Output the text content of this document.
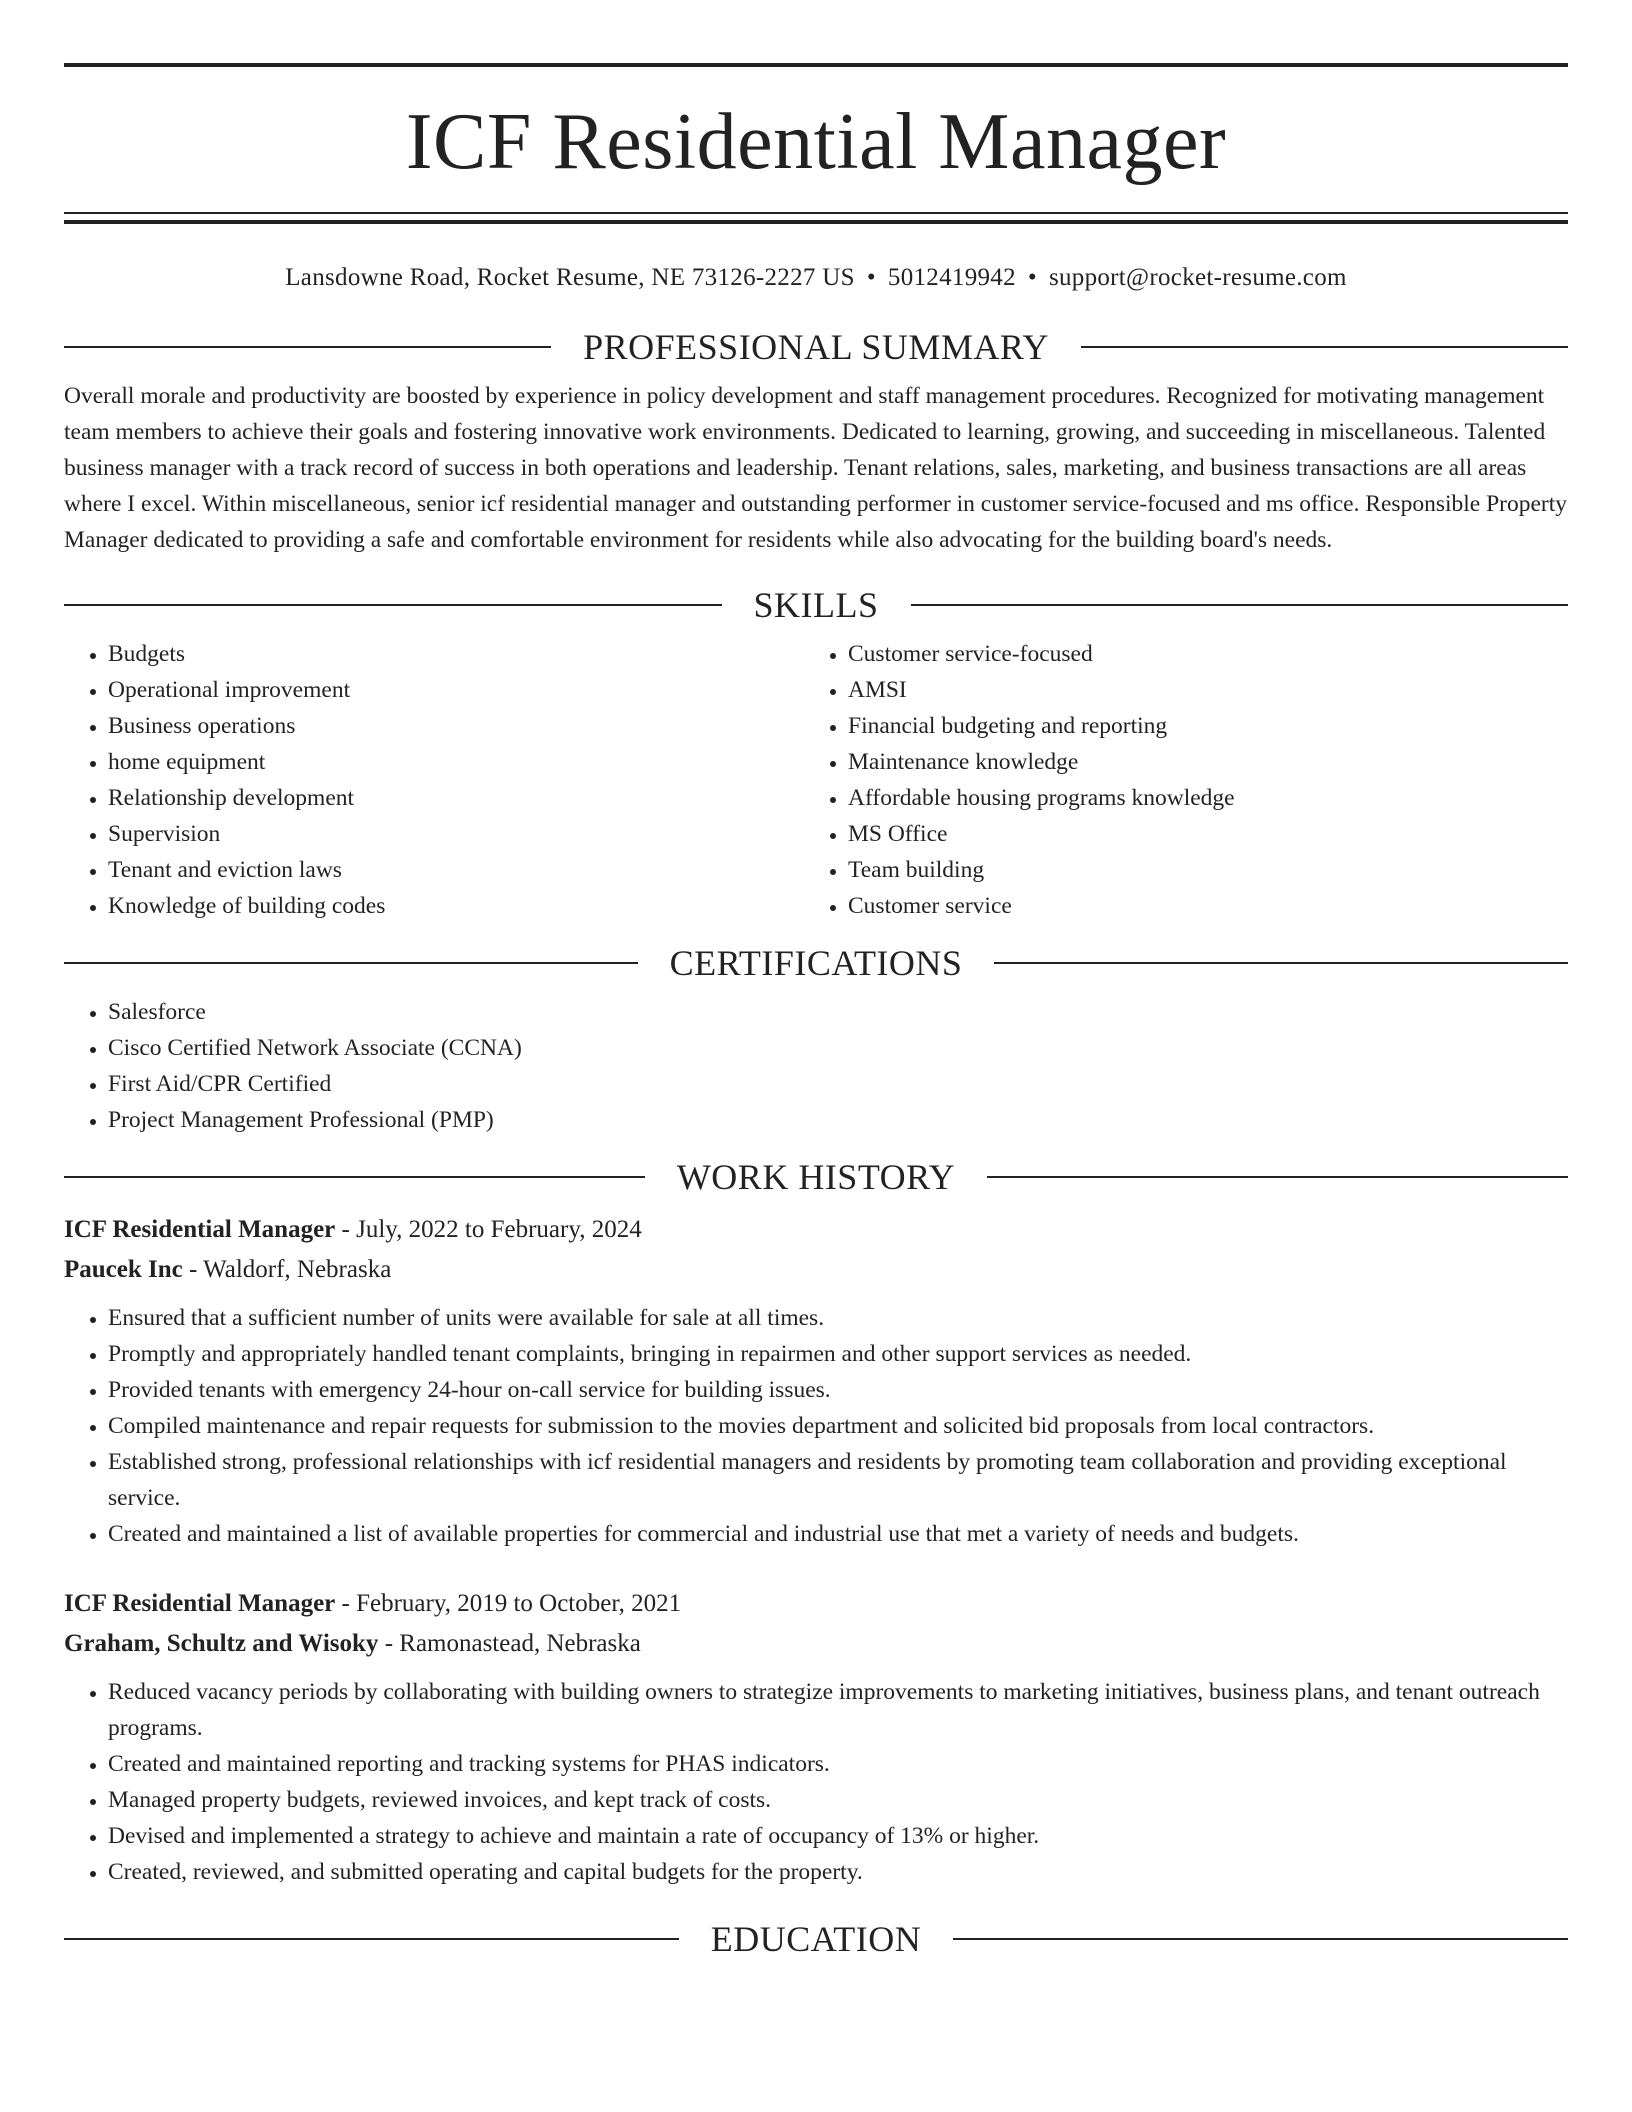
ICF Residential Manager
Lansdowne Road, Rocket Resume, NE 73126-2227 US • 5012419942 • support@rocket-resume.com
PROFESSIONAL SUMMARY

Overall morale and productivity are boosted by experience in policy development and staff management procedures. Recognized for motivating management team members to achieve their goals and fostering innovative work environments. Dedicated to learning, growing, and succeeding in miscellaneous. Talented business manager with a track record of success in both operations and leadership. Tenant relations, sales, marketing, and business transactions are all areas where I excel. Within miscellaneous, senior icf residential manager and outstanding performer in customer service-focused and ms office. Responsible Property Manager dedicated to providing a safe and comfortable environment for residents while also advocating for the building board's needs.

SKILLS
• Budgets
• Operational improvement
• Business operations
• home equipment
• Relationship development
• Supervision
• Tenant and eviction laws
• Knowledge of building codes
• Customer service-focused
• AMSI
• Financial budgeting and reporting
• Maintenance knowledge
• Affordable housing programs knowledge
• MS Office
• Team building
• Customer service
CERTIFICATIONS
• Salesforce
• Cisco Certified Network Associate (CCNA)
• First Aid/CPR Certified
• Project Management Professional (PMP)
WORK HISTORY
ICF Residential Manager - July, 2022 to February, 2024
Paucek Inc - Waldorf, Nebraska
• Ensured that a sufficient number of units were available for sale at all times.
• Promptly and appropriately handled tenant complaints, bringing in repairmen and other support services as needed.
• Provided tenants with emergency 24-hour on-call service for building issues.
• Compiled maintenance and repair requests for submission to the movies department and solicited bid proposals from local contractors.
• Established strong, professional relationships with icf residential managers and residents by promoting team collaboration and providing exceptional service.
• Created and maintained a list of available properties for commercial and industrial use that met a variety of needs and budgets.
ICF Residential Manager - February, 2019 to October, 2021
Graham, Schultz and Wisoky - Ramonastead, Nebraska
• Reduced vacancy periods by collaborating with building owners to strategize improvements to marketing initiatives, business plans, and tenant outreach programs.
• Created and maintained reporting and tracking systems for PHAS indicators.
• Managed property budgets, reviewed invoices, and kept track of costs.
• Devised and implemented a strategy to achieve and maintain a rate of occupancy of 13% or higher.
• Created, reviewed, and submitted operating and capital budgets for the property.
EDUCATION
